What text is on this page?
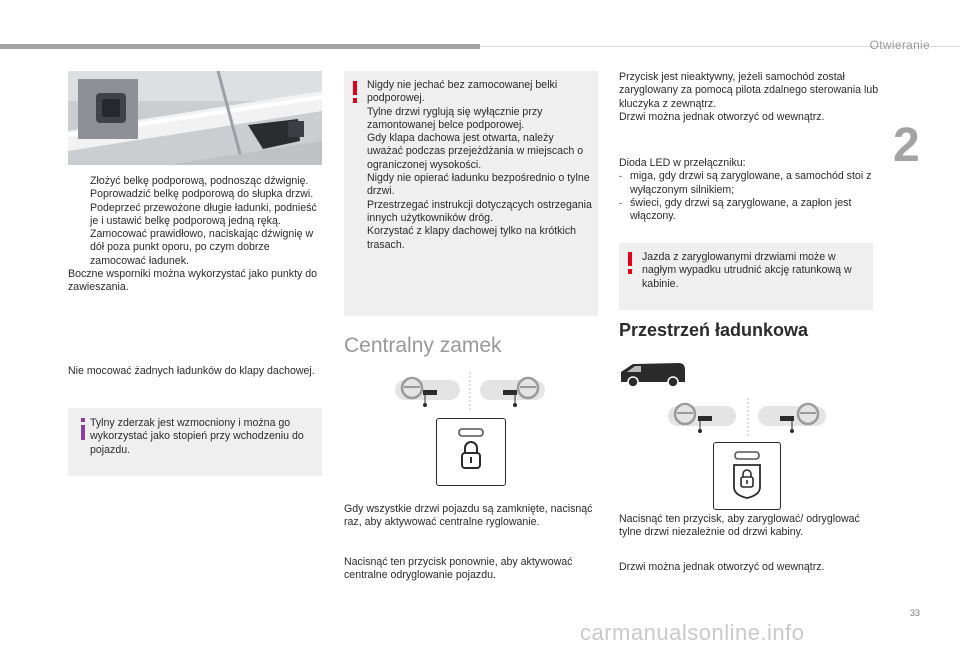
Otwieranie
2
Złożyć belkę podporową, podnosząc dźwignię.
Poprowadzić belkę podporową do słupka drzwi.
Podeprzeć przewożone długie ładunki, podnieść je i ustawić belkę podporową jedną ręką.
Zamocować prawidłowo, naciskając dźwignię w dół poza punkt oporu, po czym dobrze zamocować ładunek.
Boczne wsporniki można wykorzystać jako punkty do zawieszania.
Nie mocować żadnych ładunków do klapy dachowej.
Tylny zderzak jest wzmocniony i można go wykorzystać jako stopień przy wchodzeniu do pojazdu.
Nigdy nie jechać bez zamocowanej belki podporowej.
Tylne drzwi ryglują się wyłącznie przy zamontowanej belce podporowej.
Gdy klapa dachowa jest otwarta, należy uważać podczas przejeżdżania w miejscach o ograniczonej wysokości.
Nigdy nie opierać ładunku bezpośrednio o tylne drzwi.
Przestrzegać instrukcji dotyczących ostrzegania innych użytkowników dróg.
Korzystać z klapy dachowej tylko na krótkich trasach.
Centralny zamek
Gdy wszystkie drzwi pojazdu są zamknięte, nacisnąć raz, aby aktywować centralne ryglowanie.
Nacisnąć ten przycisk ponownie, aby aktywować centralne odryglowanie pojazdu.
Przycisk jest nieaktywny, jeżeli samochód został zaryglowany za pomocą pilota zdalnego sterowania lub kluczyka z zewnątrz.
Drzwi można jednak otworzyć od wewnątrz.
Dioda LED w przełączniku:
- miga, gdy drzwi są zaryglowane, a samochód stoi z wyłączonym silnikiem;
- świeci, gdy drzwi są zaryglowane, a zapłon jest włączony.
Jazda z zaryglowanymi drzwiami może w nagłym wypadku utrudnić akcję ratunkową w kabinie.
Przestrzeń ładunkowa
Nacisnąć ten przycisk, aby zaryglować/ odryglować tylne drzwi niezależnie od drzwi kabiny.
Drzwi można jednak otworzyć od wewnątrz.
33
carmanualsonline.info
